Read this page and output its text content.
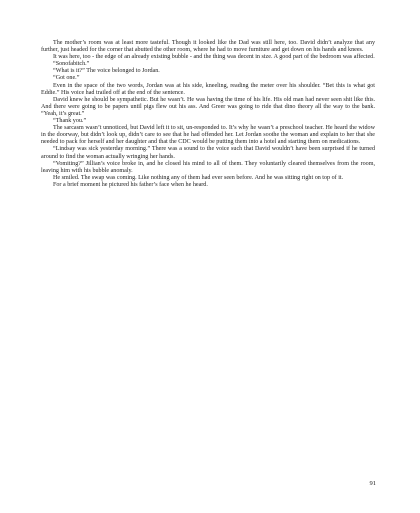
The mother’s room was at least more tasteful. Though it looked like the Dad was still here, too. David didn’t analyze that any further, just headed for the corner that abutted the other room, where he had to move furniture and get down on his hands and knees.

It was here, too - the edge of an already existing bubble - and the thing was decent in size. A good part of the bedroom was affected.

“Sonofabitch.”

“What is it?” The voice belonged to Jordan.

“Got one.”

Even in the space of the two words, Jordan was at his side, kneeling, reading the meter over his shoulder. “Bet this is what got Eddie.” His voice had trailed off at the end of the sentence.

David knew he should be sympathetic. But he wasn’t. He was having the time of his life. His old man had never seen shit like this. And there were going to be papers until pigs flew out his ass. And Greer was going to ride that dino theory all the way to the bank. “Yeah, it’s great.”

“Thank you.”

The sarcasm wasn’t unnoticed, but David left it to sit, un-responded to. It’s why he wasn’t a preschool teacher. He heard the widow in the doorway, but didn’t look up, didn’t care to see that he had offended her. Let Jordan soothe the woman and explain to her that she needed to pack for herself and her daughter and that the CDC would be putting them into a hotel and starting them on medications.

“Lindsay was sick yesterday morning.” There was a sound to the voice such that David wouldn’t have been surprised if he turned around to find the woman actually wringing her hands.

“Vomiting?” Jillian’s voice broke in, and he closed his mind to all of them. They voluntarily cleared themselves from the room, leaving him with his bubble anomaly.

He smiled. The swap was coming. Like nothing any of them had ever seen before. And he was sitting right on top of it.

For a brief moment he pictured his father’s face when he heard.

91
